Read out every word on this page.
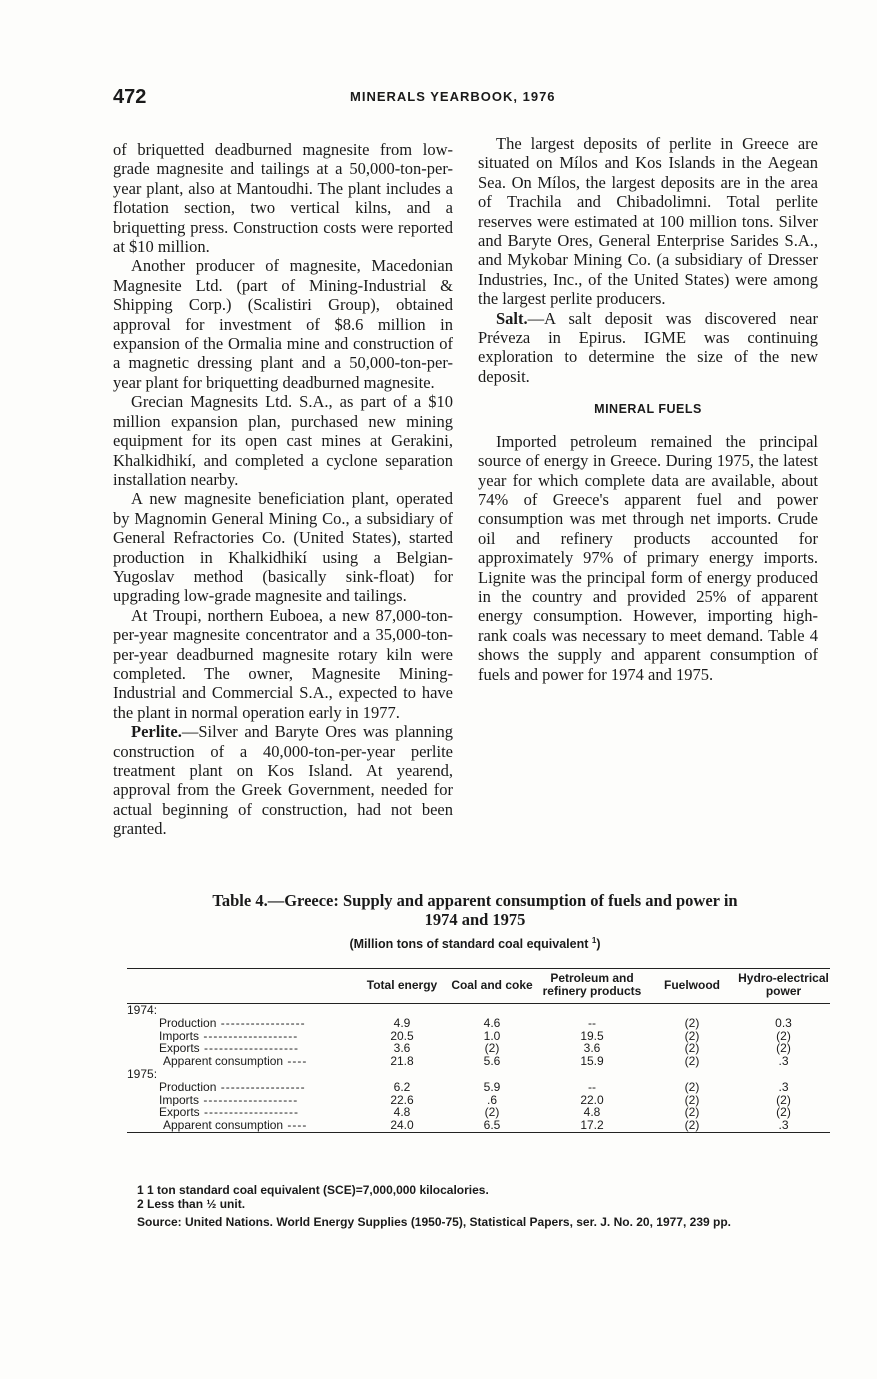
472	MINERALS YEARBOOK, 1976

of briquetted deadburned magnesite from low-grade magnesite and tailings at a 50,000-ton-per-year plant, also at Mantoudhi. The plant includes a flotation section, two vertical kilns, and a briquetting press. Construction costs were reported at $10 million.

Another producer of magnesite, Macedonian Magnesite Ltd. (part of Mining-Industrial & Shipping Corp.) (Scalistiri Group), obtained approval for investment of $8.6 million in expansion of the Ormalia mine and construction of a magnetic dressing plant and a 50,000-ton-per-year plant for briquetting deadburned magnesite.

Grecian Magnesits Ltd. S.A., as part of a $10 million expansion plan, purchased new mining equipment for its open cast mines at Gerakini, Khalkidhikí, and completed a cyclone separation installation nearby.

A new magnesite beneficiation plant, operated by Magnomin General Mining Co., a subsidiary of General Refractories Co. (United States), started production in Khalkidhikí using a Belgian-Yugoslav method (basically sink-float) for upgrading low-grade magnesite and tailings.

At Troupi, northern Euboea, a new 87,000-ton-per-year magnesite concentrator and a 35,000-ton-per-year deadburned magnesite rotary kiln were completed. The owner, Magnesite Mining-Industrial and Commercial S.A., expected to have the plant in normal operation early in 1977.

Perlite.—Silver and Baryte Ores was planning construction of a 40,000-ton-per-year perlite treatment plant on Kos Island. At yearend, approval from the Greek Government, needed for actual beginning of construction, had not been granted.

The largest deposits of perlite in Greece are situated on Mílos and Kos Islands in the Aegean Sea. On Mílos, the largest deposits are in the area of Trachila and Chibadolimni. Total perlite reserves were estimated at 100 million tons. Silver and Baryte Ores, General Enterprise Sarides S.A., and Mykobar Mining Co. (a subsidiary of Dresser Industries, Inc., of the United States) were among the largest perlite producers.

Salt.—A salt deposit was discovered near Préveza in Epirus. IGME was continuing exploration to determine the size of the new deposit.

MINERAL FUELS

Imported petroleum remained the principal source of energy in Greece. During 1975, the latest year for which complete data are available, about 74% of Greece's apparent fuel and power consumption was met through net imports. Crude oil and refinery products accounted for approximately 97% of primary energy imports. Lignite was the principal form of energy produced in the country and provided 25% of apparent energy consumption. However, importing high-rank coals was necessary to meet demand. Table 4 shows the supply and apparent consumption of fuels and power for 1974 and 1975.

Table 4.—Greece: Supply and apparent consumption of fuels and power in
1974 and 1975
(Million tons of standard coal equivalent $^1$)
	Total energy	Coal and coke	Petroleum and refinery products	Fuelwood	Hydro-electrical power
1974:					
Production -----------------	4.9	4.6	--	(2)	0.3
Imports -------------------	20.5	1.0	19.5	(2)	(2)
Exports -------------------	3.6	(2)	3.6	(2)	(2)
Apparent consumption ----	21.8	5.6	15.9	(2)	.3
1975:					
Production -----------------	6.2	5.9	--	(2)	.3
Imports -------------------	22.6	.6	22.0	(2)	(2)
Exports -------------------	4.8	(2)	4.8	(2)	(2)
Apparent consumption ----	24.0	6.5	17.2	(2)	.3
1 1 ton standard coal equivalent (SCE)=7,000,000 kilocalories.
2 Less than ½ unit.
Source: United Nations. World Energy Supplies (1950-75), Statistical Papers, ser. J. No. 20, 1977, 239 pp.
